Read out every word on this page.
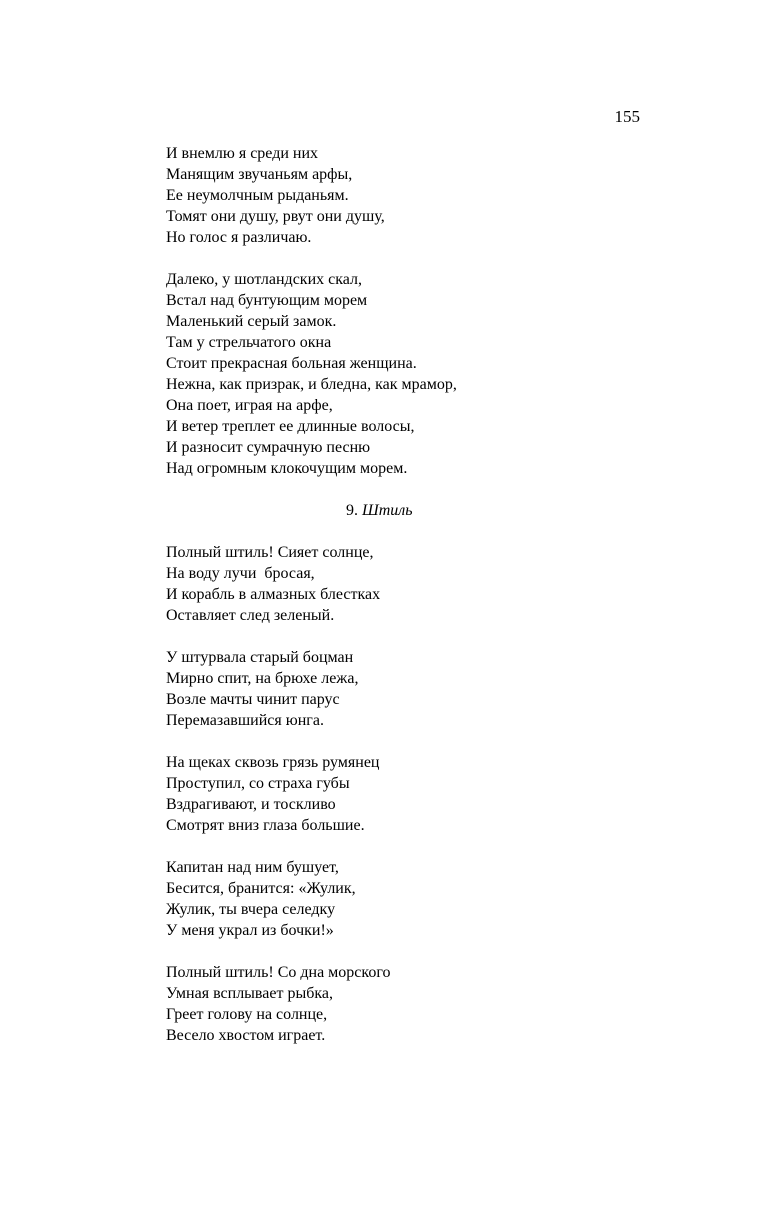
155
И внемлю я среди них
Манящим звучаньям арфы,
Ее неумолчным рыданьям.
Томят они душу, рвут они душу,
Но голос я различаю.
Далеко, у шотландских скал,
Встал над бунтующим морем
Маленький серый замок.
Там у стрельчатого окна
Стоит прекрасная больная женщина.
Нежна, как призрак, и бледна, как мрамор,
Она поет, играя на арфе,
И ветер треплет ее длинные волосы,
И разносит сумрачную песню
Над огромным клокочущим морем.
9. Штиль
Полный штиль! Сияет солнце,
На воду лучи  бросая,
И корабль в алмазных блестках
Оставляет след зеленый.
У штурвала старый боцман
Мирно спит, на брюхе лежа,
Возле мачты чинит парус
Перемазавшийся юнга.
На щеках сквозь грязь румянец
Проступил, со страха губы
Вздрагивают, и тоскливо
Смотрят вниз глаза большие.
Капитан над ним бушует,
Бесится, бранится: «Жулик,
Жулик, ты вчера селедку
У меня украл из бочки!»
Полный штиль! Со дна морского
Умная всплывает рыбка,
Греет голову на солнце,
Весело хвостом играет.
